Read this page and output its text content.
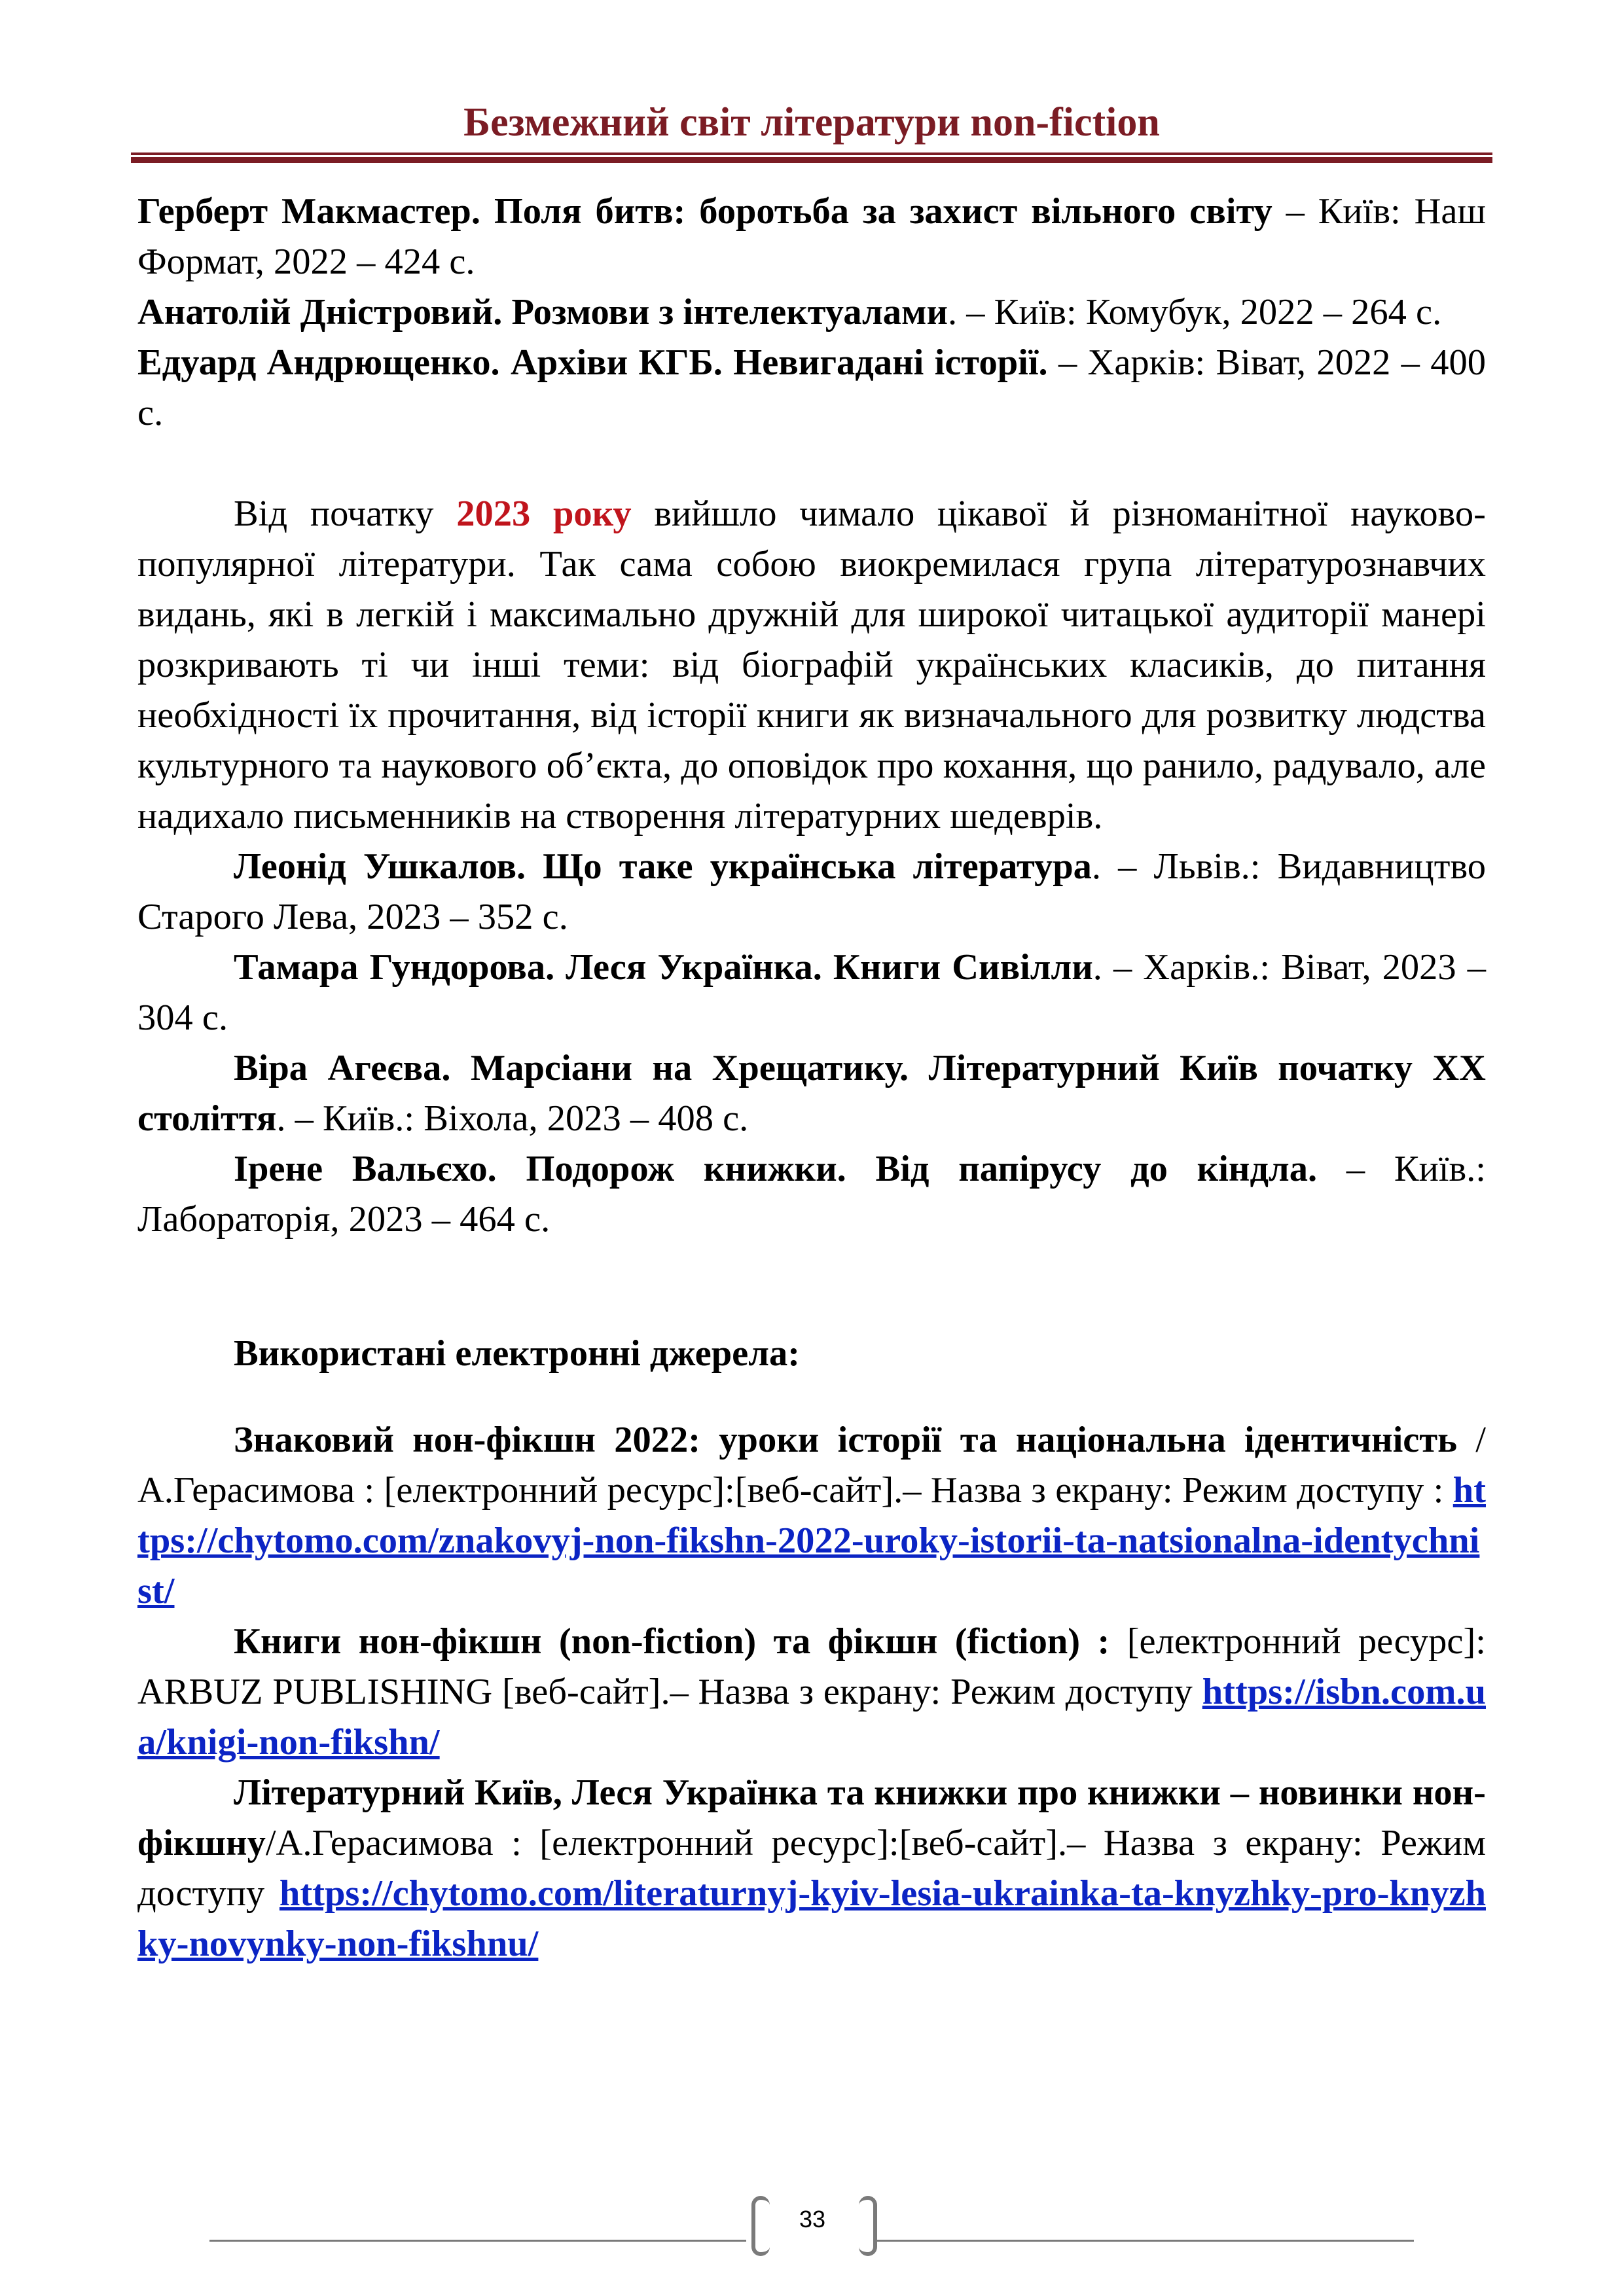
Безмежний світ літератури non-fiction

Герберт Макмастер. Поля битв: боротьба за захист вільного світу – Київ: Наш Формат, 2022 – 424 с.

Анатолій Дністровий. Розмови з інтелектуалами. – Київ: Комубук, 2022 – 264 с.

Едуард Андрющенко. Архіви КГБ. Невигадані історії. – Харків: Віват, 2022 – 400 с.

Від початку 2023 року вийшло чимало цікавої й різноманітної науково-популярної літератури. Так сама собою виокремилася група літературознавчих видань, які в легкій і максимально дружній для широкої читацької аудиторії манері розкривають ті чи інші теми: від біографій українських класиків, до питання необхідності їх прочитання, від історії книги як визначального для розвитку людства культурного та наукового об’єкта, до оповідок про кохання, що ранило, радувало, але надихало письменників на створення літературних шедеврів.

Леонід Ушкалов. Що таке українська література. – Львів.: Видавництво Старого Лева, 2023 – 352 с.

Тамара Гундорова. Леся Українка. Книги Сивілли. – Харків.: Віват, 2023 – 304 с.

Віра Агеєва. Марсіани на Хрещатику. Літературний Київ початку ХХ століття. – Київ.: Віхола, 2023 – 408 с.

Ірене Вальєхо. Подорож книжки. Від папірусу до кіндла. – Київ.: Лабораторія, 2023 – 464 с.

Використані електронні джерела:

Знаковий нон-фікшн 2022: уроки історії та національна ідентичність /А.Герасимова : [електронний ресурс]:[веб-сайт].– Назва з екрану: Режим доступу : https://chytomo.com/znakovyj-non-fikshn-2022-uroky-istorii-ta-natsionalna-identychnist/

Книги нон-фікшн (non-fiction) та фікшн (fiction) : [електронний ресурс]: ARBUZ PUBLISHING [веб-сайт].– Назва з екрану: Режим доступу https://isbn.com.ua/knigi-non-fikshn/

Літературний Київ, Леся Українка та книжки про книжки – новинки нон-фікшну/А.Герасимова : [електронний ресурс]:[веб-сайт].– Назва з екрану: Режим доступу https://chytomo.com/literaturnyj-kyiv-lesia-ukrainka-ta-knyzhky-pro-knyzhky-novynky-non-fikshnu/

33
